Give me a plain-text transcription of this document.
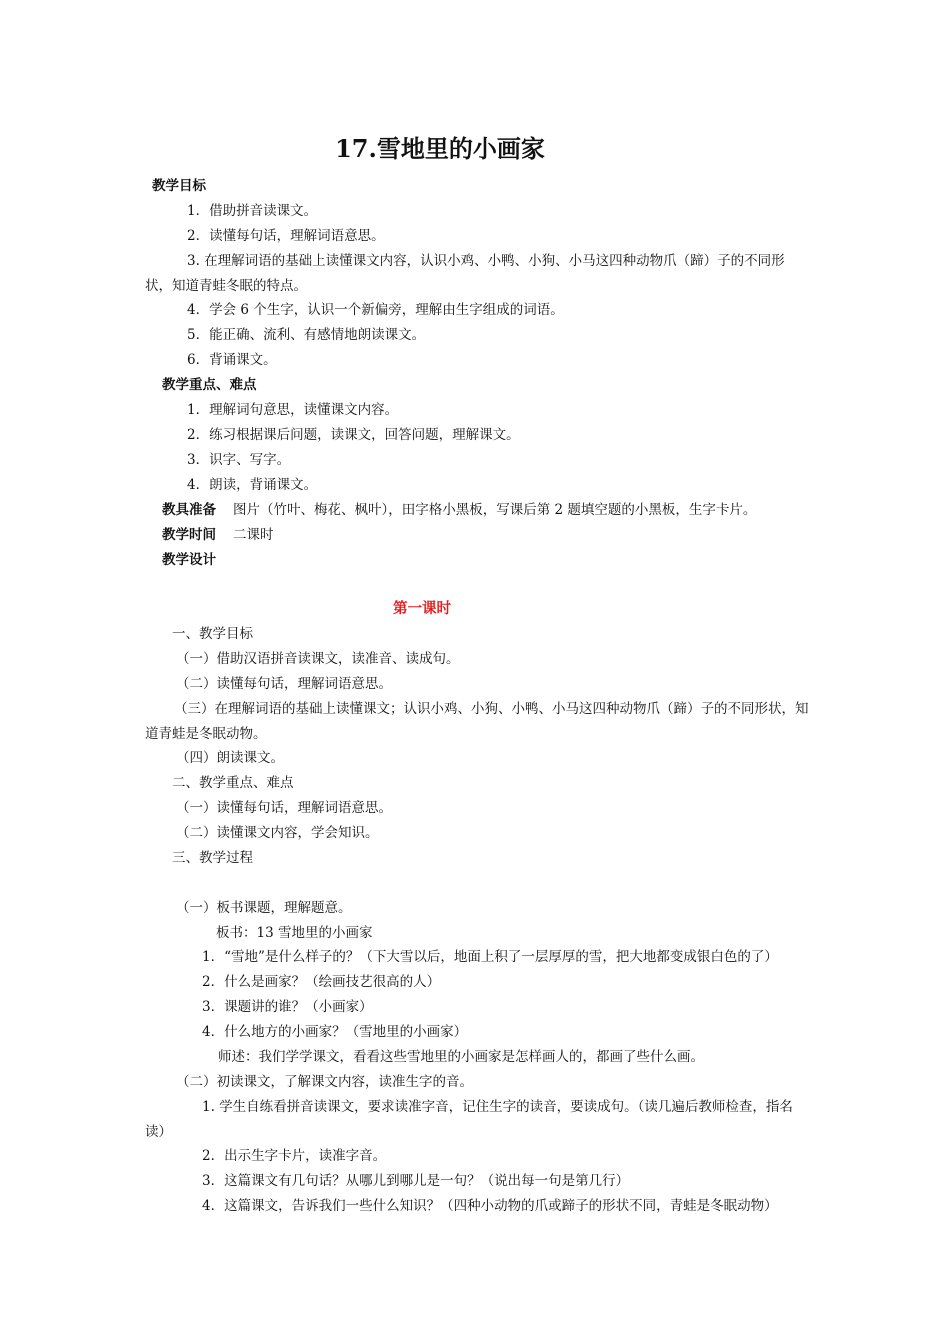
17.雪地里的小画家
教学目标
1．借助拼音读课文。
2．读懂每句话，理解词语意思。
3. 在理解词语的基础上读懂课文内容，认识小鸡、小鸭、小狗、小马这四种动物爪（蹄）子的不同形状，知道青蛙冬眠的特点。
4．学会 6 个生字，认识一个新偏旁，理解由生字组成的词语。
5．能正确、流利、有感情地朗读课文。
6．背诵课文。
教学重点、难点
1．理解词句意思，读懂课文内容。
2．练习根据课后问题，读课文，回答问题，理解课文。
3．识字、写字。
4．朗读，背诵课文。
教具准备 图片（竹叶、梅花、枫叶），田字格小黑板，写课后第 2 题填空题的小黑板，生字卡片。
教学时间 二课时
教学设计
第一课时
一、教学目标
（一）借助汉语拼音读课文，读准音、读成句。
（二）读懂每句话，理解词语意思。
（三）在理解词语的基础上读懂课文；认识小鸡、小狗、小鸭、小马这四种动物爪（蹄）子的不同形状，知道青蛙是冬眠动物。
（四）朗读课文。
二、教学重点、难点
（一）读懂每句话，理解词语意思。
（二）读懂课文内容，学会知识。
三、教学过程
（一）板书课题，理解题意。
板书：13 雪地里的小画家
1．“雪地”是什么样子的？（下大雪以后，地面上积了一层厚厚的雪，把大地都变成银白色的了）
2．什么是画家？（绘画技艺很高的人）
3．课题讲的谁？（小画家）
4．什么地方的小画家？（雪地里的小画家）
师述：我们学学课文，看看这些雪地里的小画家是怎样画人的，都画了些什么画。
（二）初读课文，了解课文内容，读准生字的音。
1. 学生自练看拼音读课文，要求读准字音，记住生字的读音，要读成句。（读几遍后教师检查，指名读）
2．出示生字卡片，读准字音。
3．这篇课文有几句话？从哪儿到哪儿是一句？（说出每一句是第几行）
4．这篇课文，告诉我们一些什么知识？（四种小动物的爪或蹄子的形状不同，青蛙是冬眠动物）
